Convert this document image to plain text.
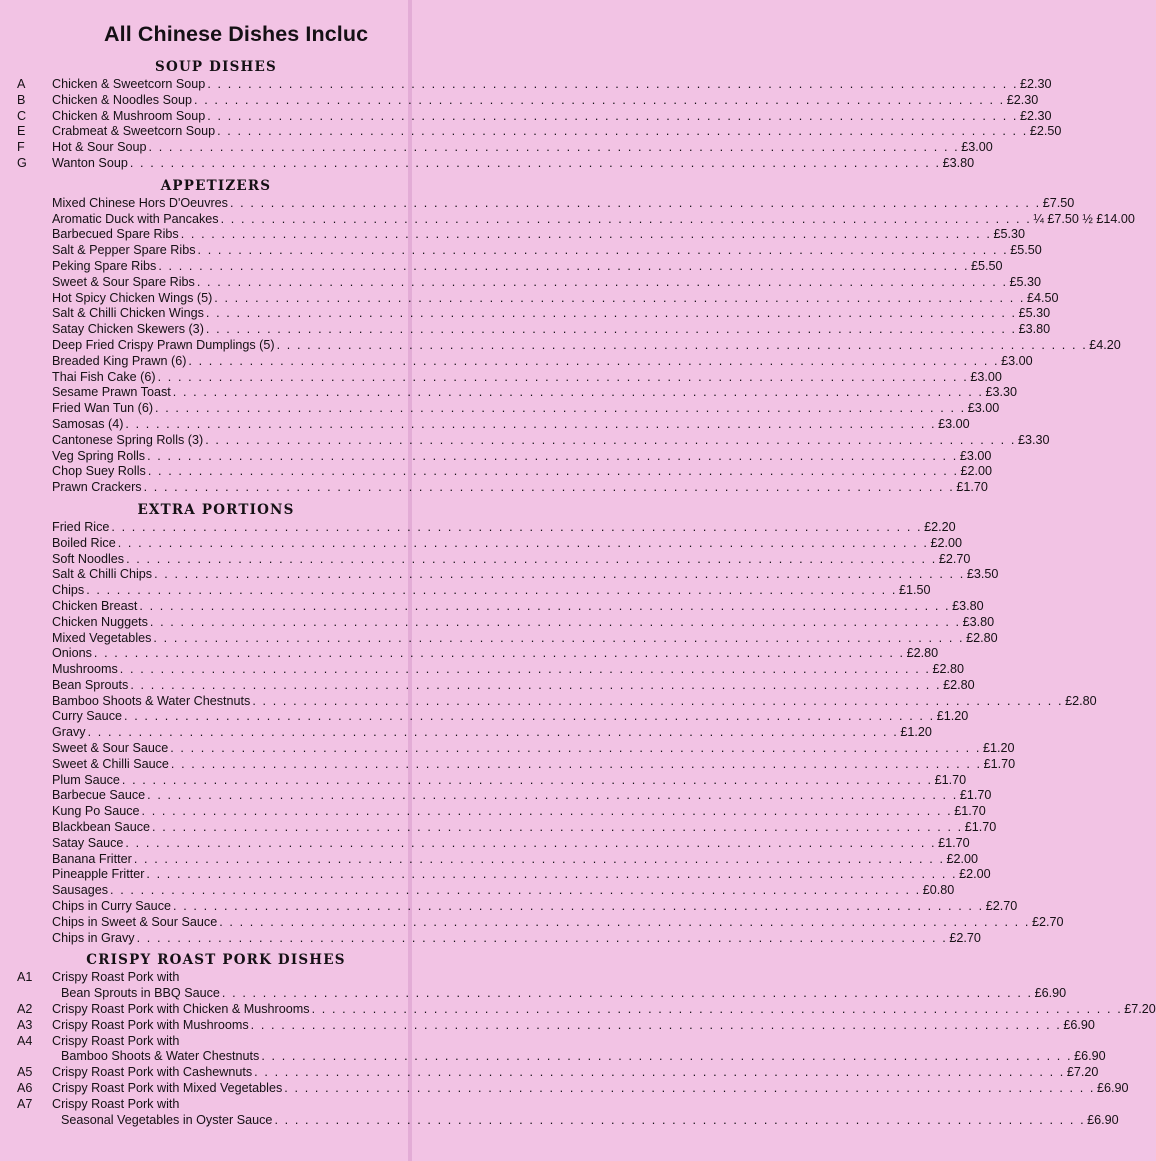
All Chinese Dishes Incluc
SOUP DISHES
A Chicken & Sweetcorn Soup . . . . . . . . . . . . . . . . . . . . . . . . . . . . . . . . . . . . . . . . . . . . . . . . . . . . . . . . . . . . . . . . . . . . . . . . . . . . . . . . £2.30
B Chicken & Noodles Soup . . . . . . . . . . . . . . . . . . . . . . . . . . . . . . . . . . . . . . . . . . . . . . . . . . . . . . . . . . . . . . . . . . . . . . . . . . . . . . . . £2.30
C Chicken & Mushroom Soup . . . . . . . . . . . . . . . . . . . . . . . . . . . . . . . . . . . . . . . . . . . . . . . . . . . . . . . . . . . . . . . . . . . . . . . . . . . . . . . . £2.30
E Crabmeat & Sweetcorn Soup . . . . . . . . . . . . . . . . . . . . . . . . . . . . . . . . . . . . . . . . . . . . . . . . . . . . . . . . . . . . . . . . . . . . . . . . . . . . . . . . £2.50
F Hot & Sour Soup . . . . . . . . . . . . . . . . . . . . . . . . . . . . . . . . . . . . . . . . . . . . . . . . . . . . . . . . . . . . . . . . . . . . . . . . . . . . . . . . £3.00
G Wanton Soup . . . . . . . . . . . . . . . . . . . . . . . . . . . . . . . . . . . . . . . . . . . . . . . . . . . . . . . . . . . . . . . . . . . . . . . . . . . . . . . . £3.80
APPETIZERS
Mixed Chinese Hors D'Oeuvres . . . . . . . . . . . . . . . . . . . . . . . . . . . . . . . . . . . . . . . . . . . . . . . . . . . . . . . . . . . . . . . . . . . . . . . . . . . . . . . . £7.50
Aromatic Duck with Pancakes . . . . . . . . . . . . . . . . . . . . . . . . . . . . . . . . . . . . . . . . . . . . . . . . . . . . . . . . . . . . . . . . . . . . . . . . . . . . . . . . ¼ £7.50 ½ £14.00
Barbecued Spare Ribs . . . . . . . . . . . . . . . . . . . . . . . . . . . . . . . . . . . . . . . . . . . . . . . . . . . . . . . . . . . . . . . . . . . . . . . . . . . . . . . . £5.30
Salt & Pepper Spare Ribs . . . . . . . . . . . . . . . . . . . . . . . . . . . . . . . . . . . . . . . . . . . . . . . . . . . . . . . . . . . . . . . . . . . . . . . . . . . . . . . . £5.50
Peking Spare Ribs . . . . . . . . . . . . . . . . . . . . . . . . . . . . . . . . . . . . . . . . . . . . . . . . . . . . . . . . . . . . . . . . . . . . . . . . . . . . . . . . £5.50
Sweet & Sour Spare Ribs . . . . . . . . . . . . . . . . . . . . . . . . . . . . . . . . . . . . . . . . . . . . . . . . . . . . . . . . . . . . . . . . . . . . . . . . . . . . . . . . £5.30
Hot Spicy Chicken Wings (5) . . . . . . . . . . . . . . . . . . . . . . . . . . . . . . . . . . . . . . . . . . . . . . . . . . . . . . . . . . . . . . . . . . . . . . . . . . . . . . . . £4.50
Salt & Chilli Chicken Wings . . . . . . . . . . . . . . . . . . . . . . . . . . . . . . . . . . . . . . . . . . . . . . . . . . . . . . . . . . . . . . . . . . . . . . . . . . . . . . . . £5.30
Satay Chicken Skewers (3) . . . . . . . . . . . . . . . . . . . . . . . . . . . . . . . . . . . . . . . . . . . . . . . . . . . . . . . . . . . . . . . . . . . . . . . . . . . . . . . . £3.80
Deep Fried Crispy Prawn Dumplings (5) . . . . . . . . . . . . . . . . . . . . . . . . . . . . . . . . . . . . . . . . . . . . . . . . . . . . . . . . . . . . . . . . . . . . . . . . . . . . . . . . £4.20
Breaded King Prawn (6) . . . . . . . . . . . . . . . . . . . . . . . . . . . . . . . . . . . . . . . . . . . . . . . . . . . . . . . . . . . . . . . . . . . . . . . . . . . . . . . . £3.00
Thai Fish Cake (6) . . . . . . . . . . . . . . . . . . . . . . . . . . . . . . . . . . . . . . . . . . . . . . . . . . . . . . . . . . . . . . . . . . . . . . . . . . . . . . . . £3.00
Sesame Prawn Toast . . . . . . . . . . . . . . . . . . . . . . . . . . . . . . . . . . . . . . . . . . . . . . . . . . . . . . . . . . . . . . . . . . . . . . . . . . . . . . . . £3.30
Fried Wan Tun (6) . . . . . . . . . . . . . . . . . . . . . . . . . . . . . . . . . . . . . . . . . . . . . . . . . . . . . . . . . . . . . . . . . . . . . . . . . . . . . . . . £3.00
Samosas (4) . . . . . . . . . . . . . . . . . . . . . . . . . . . . . . . . . . . . . . . . . . . . . . . . . . . . . . . . . . . . . . . . . . . . . . . . . . . . . . . . £3.00
Cantonese Spring Rolls (3) . . . . . . . . . . . . . . . . . . . . . . . . . . . . . . . . . . . . . . . . . . . . . . . . . . . . . . . . . . . . . . . . . . . . . . . . . . . . . . . . £3.30
Veg Spring Rolls . . . . . . . . . . . . . . . . . . . . . . . . . . . . . . . . . . . . . . . . . . . . . . . . . . . . . . . . . . . . . . . . . . . . . . . . . . . . . . . . £3.00
Chop Suey Rolls . . . . . . . . . . . . . . . . . . . . . . . . . . . . . . . . . . . . . . . . . . . . . . . . . . . . . . . . . . . . . . . . . . . . . . . . . . . . . . . . £2.00
Prawn Crackers . . . . . . . . . . . . . . . . . . . . . . . . . . . . . . . . . . . . . . . . . . . . . . . . . . . . . . . . . . . . . . . . . . . . . . . . . . . . . . . . £1.70
EXTRA PORTIONS
Fried Rice . . . . . . . . . . . . . . . . . . . . . . . . . . . . . . . . . . . . . . . . . . . . . . . . . . . . . . . . . . . . . . . . . . . . . . . . . . . . . . . . £2.20
Boiled Rice . . . . . . . . . . . . . . . . . . . . . . . . . . . . . . . . . . . . . . . . . . . . . . . . . . . . . . . . . . . . . . . . . . . . . . . . . . . . . . . . £2.00
Soft Noodles . . . . . . . . . . . . . . . . . . . . . . . . . . . . . . . . . . . . . . . . . . . . . . . . . . . . . . . . . . . . . . . . . . . . . . . . . . . . . . . . £2.70
Salt & Chilli Chips . . . . . . . . . . . . . . . . . . . . . . . . . . . . . . . . . . . . . . . . . . . . . . . . . . . . . . . . . . . . . . . . . . . . . . . . . . . . . . . . £3.50
Chips . . . . . . . . . . . . . . . . . . . . . . . . . . . . . . . . . . . . . . . . . . . . . . . . . . . . . . . . . . . . . . . . . . . . . . . . . . . . . . . . £1.50
Chicken Breast . . . . . . . . . . . . . . . . . . . . . . . . . . . . . . . . . . . . . . . . . . . . . . . . . . . . . . . . . . . . . . . . . . . . . . . . . . . . . . . . £3.80
Chicken Nuggets . . . . . . . . . . . . . . . . . . . . . . . . . . . . . . . . . . . . . . . . . . . . . . . . . . . . . . . . . . . . . . . . . . . . . . . . . . . . . . . . £3.80
Mixed Vegetables . . . . . . . . . . . . . . . . . . . . . . . . . . . . . . . . . . . . . . . . . . . . . . . . . . . . . . . . . . . . . . . . . . . . . . . . . . . . . . . . £2.80
Onions . . . . . . . . . . . . . . . . . . . . . . . . . . . . . . . . . . . . . . . . . . . . . . . . . . . . . . . . . . . . . . . . . . . . . . . . . . . . . . . . £2.80
Mushrooms . . . . . . . . . . . . . . . . . . . . . . . . . . . . . . . . . . . . . . . . . . . . . . . . . . . . . . . . . . . . . . . . . . . . . . . . . . . . . . . . £2.80
Bean Sprouts . . . . . . . . . . . . . . . . . . . . . . . . . . . . . . . . . . . . . . . . . . . . . . . . . . . . . . . . . . . . . . . . . . . . . . . . . . . . . . . . £2.80
Bamboo Shoots & Water Chestnuts . . . . . . . . . . . . . . . . . . . . . . . . . . . . . . . . . . . . . . . . . . . . . . . . . . . . . . . . . . . . . . . . . . . . . . . . . . . . . . . . £2.80
Curry Sauce . . . . . . . . . . . . . . . . . . . . . . . . . . . . . . . . . . . . . . . . . . . . . . . . . . . . . . . . . . . . . . . . . . . . . . . . . . . . . . . . £1.20
Gravy . . . . . . . . . . . . . . . . . . . . . . . . . . . . . . . . . . . . . . . . . . . . . . . . . . . . . . . . . . . . . . . . . . . . . . . . . . . . . . . . £1.20
Sweet & Sour Sauce . . . . . . . . . . . . . . . . . . . . . . . . . . . . . . . . . . . . . . . . . . . . . . . . . . . . . . . . . . . . . . . . . . . . . . . . . . . . . . . . £1.20
Sweet & Chilli Sauce . . . . . . . . . . . . . . . . . . . . . . . . . . . . . . . . . . . . . . . . . . . . . . . . . . . . . . . . . . . . . . . . . . . . . . . . . . . . . . . . £1.70
Plum Sauce . . . . . . . . . . . . . . . . . . . . . . . . . . . . . . . . . . . . . . . . . . . . . . . . . . . . . . . . . . . . . . . . . . . . . . . . . . . . . . . . £1.70
Barbecue Sauce . . . . . . . . . . . . . . . . . . . . . . . . . . . . . . . . . . . . . . . . . . . . . . . . . . . . . . . . . . . . . . . . . . . . . . . . . . . . . . . . £1.70
Kung Po Sauce . . . . . . . . . . . . . . . . . . . . . . . . . . . . . . . . . . . . . . . . . . . . . . . . . . . . . . . . . . . . . . . . . . . . . . . . . . . . . . . . £1.70
Blackbean Sauce . . . . . . . . . . . . . . . . . . . . . . . . . . . . . . . . . . . . . . . . . . . . . . . . . . . . . . . . . . . . . . . . . . . . . . . . . . . . . . . . £1.70
Satay Sauce . . . . . . . . . . . . . . . . . . . . . . . . . . . . . . . . . . . . . . . . . . . . . . . . . . . . . . . . . . . . . . . . . . . . . . . . . . . . . . . . £1.70
Banana Fritter . . . . . . . . . . . . . . . . . . . . . . . . . . . . . . . . . . . . . . . . . . . . . . . . . . . . . . . . . . . . . . . . . . . . . . . . . . . . . . . . £2.00
Pineapple Fritter . . . . . . . . . . . . . . . . . . . . . . . . . . . . . . . . . . . . . . . . . . . . . . . . . . . . . . . . . . . . . . . . . . . . . . . . . . . . . . . . £2.00
Sausages . . . . . . . . . . . . . . . . . . . . . . . . . . . . . . . . . . . . . . . . . . . . . . . . . . . . . . . . . . . . . . . . . . . . . . . . . . . . . . . . £0.80
Chips in Curry Sauce . . . . . . . . . . . . . . . . . . . . . . . . . . . . . . . . . . . . . . . . . . . . . . . . . . . . . . . . . . . . . . . . . . . . . . . . . . . . . . . . £2.70
Chips in Sweet & Sour Sauce . . . . . . . . . . . . . . . . . . . . . . . . . . . . . . . . . . . . . . . . . . . . . . . . . . . . . . . . . . . . . . . . . . . . . . . . . . . . . . . . £2.70
Chips in Gravy . . . . . . . . . . . . . . . . . . . . . . . . . . . . . . . . . . . . . . . . . . . . . . . . . . . . . . . . . . . . . . . . . . . . . . . . . . . . . . . . £2.70
CRISPY ROAST PORK DISHES
A1 Crispy Roast Pork with
Bean Sprouts in BBQ Sauce . . . . . . . . . . . . . . . . . . . . . . . . . . . . . . . . . . . . . . . . . . . . . . . . . . . . . . . . . . . . . . . . . . . . . . . . . . . . . . . . £6.90
A2 Crispy Roast Pork with Chicken & Mushrooms . . . . . . . . . . . . . . . . . . . . . . . . . . . . . . . . . . . . . . . . . . . . . . . . . . . . . . . . . . . . . . . . . . . . . . . . . . . . . . . . £7.20
A3 Crispy Roast Pork with Mushrooms . . . . . . . . . . . . . . . . . . . . . . . . . . . . . . . . . . . . . . . . . . . . . . . . . . . . . . . . . . . . . . . . . . . . . . . . . . . . . . . . £6.90
A4 Crispy Roast Pork with
Bamboo Shoots & Water Chestnuts . . . . . . . . . . . . . . . . . . . . . . . . . . . . . . . . . . . . . . . . . . . . . . . . . . . . . . . . . . . . . . . . . . . . . . . . . . . . . . . . £6.90
A5 Crispy Roast Pork with Cashewnuts . . . . . . . . . . . . . . . . . . . . . . . . . . . . . . . . . . . . . . . . . . . . . . . . . . . . . . . . . . . . . . . . . . . . . . . . . . . . . . . . £7.20
A6 Crispy Roast Pork with Mixed Vegetables . . . . . . . . . . . . . . . . . . . . . . . . . . . . . . . . . . . . . . . . . . . . . . . . . . . . . . . . . . . . . . . . . . . . . . . . . . . . . . . . £6.90
A7 Crispy Roast Pork with
Seasonal Vegetables in Oyster Sauce . . . . . . . . . . . . . . . . . . . . . . . . . . . . . . . . . . . . . . . . . . . . . . . . . . . . . . . . . . . . . . . . . . . . . . . . . . . . . . . . £6.90
